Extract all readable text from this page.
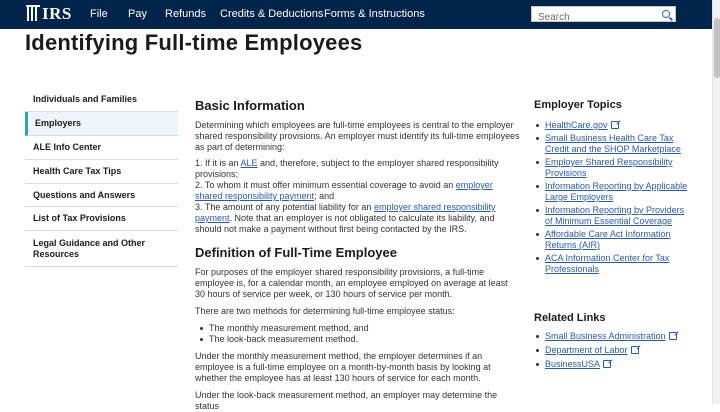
IRS File Pay Refunds Credits & Deductions Forms & Instructions
Search
Identifying Full-time Employees
Individuals and Families
Employers
ALE Info Center
Health Care Tax Tips
Questions and Answers
List of Tax Provisions
Legal Guidance and Other Resources
Basic Information

Determining which employees are full-time employees is central to the employer shared responsibility provisions. An employer must identify its full-time employees as part of determining:

1. If it is an ALE and, therefore, subject to the employer shared responsibility provisions;

2. To whom it must offer minimum essential coverage to avoid an employer shared responsibility payment; and

3. The amount of any potential liability for an employer shared responsibility payment. Note that an employer is not obligated to calculate its liability, and should not make a payment without first being contacted by the IRS.

Definition of Full-Time Employee

For purposes of the employer shared responsibility provisions, a full-time employee is, for a calendar month, an employee employed on average at least 30 hours of service per week, or 130 hours of service per month.

There are two methods for determining full-time employee status:

The monthly measurement method, and
The look-back measurement method.

Under the monthly measurement method, the employer determines if an employee is a full-time employee on a month-by-month basis by looking at whether the employee has at least 130 hours of service for each month.

Under the look-back measurement method, an employer may determine the status

Employer Topics
HealthCare.gov
Small Business Health Care Tax Credit and the SHOP Marketplace
Employer Shared Responsibility Provisions
Information Reporting by Applicable Large Employers
Information Reporting by Providers of Minimum Essential Coverage
Affordable Care Act Information Returns (AIR)
ACA Information Center for Tax Professionals
Related Links
Small Business Administration
Department of Labor
BusinessUSA
